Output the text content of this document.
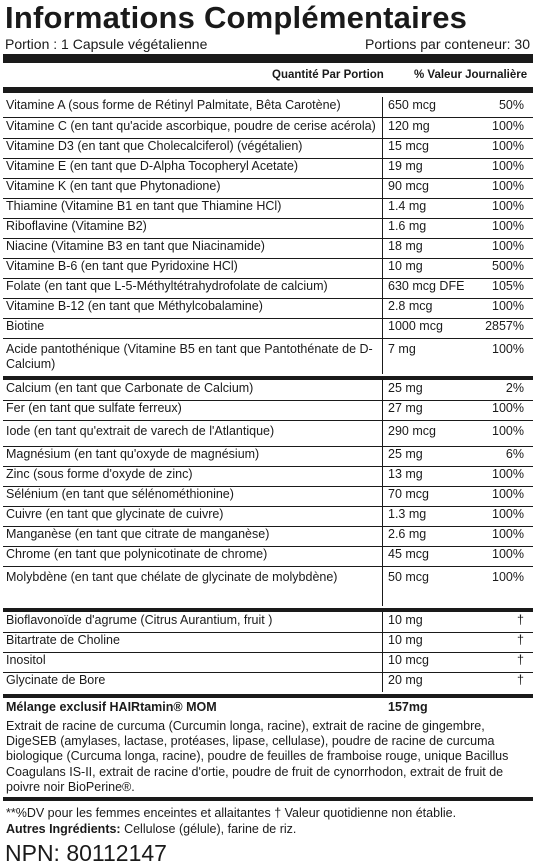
Informations Complémentaires
Portion : 1 Capsule végétalienne	Portions par conteneur: 30
Quantité Par Portion	% Valeur Journalière
Vitamine A (sous forme de Rétinyl Palmitate, Bêta Carotène)	650 mcg	50%
Vitamine C (en tant qu'acide ascorbique, poudre de cerise acérola) 120 mg	100%
Vitamine D3 (en tant que Cholecalciferol) (végétalien)	15 mcg	100%
Vitamine E (en tant que D-Alpha Tocopheryl Acetate)	19 mg	100%
Vitamine K (en tant que Phytonadione)	90 mcg	100%
Thiamine (Vitamine B1 en tant que Thiamine HCl)	1.4 mg	100%
Riboflavine (Vitamine B2)	1.6 mg	100%
Niacine (Vitamine B3 en tant que Niacinamide)	18 mg	100%
Vitamine B-6 (en tant que Pyridoxine HCl)	10 mg	500%
Folate (en tant que L-5-Méthyltétrahydrofolate de calcium)	630 mcg DFE 105%
Vitamine B-12 (en tant que Méthylcobalamine)	2.8 mcg	100%
Biotine	1000 mcg	2857%
Acide pantothénique (Vitamine B5 en tant que Pantothénate de D-Calcium)
7 mg	100%
Calcium (en tant que Carbonate de Calcium)	25 mg	2%
Fer (en tant que sulfate ferreux)	27 mg	100%
Iode (en tant qu'extrait de varech de l'Atlantique)	290 mcg	100%
Magnésium (en tant qu'oxyde de magnésium)	25 mg	6%
Zinc (sous forme d'oxyde de zinc)	13 mg	100%
Sélénium (en tant que sélénométhionine)	70 mcg	100%
Cuivre (en tant que glycinate de cuivre)	1.3 mg	100%
Manganèse (en tant que citrate de manganèse)	2.6 mg	100%
Chrome (en tant que polynicotinate de chrome)	45 mcg	100%
Molybdène (en tant que chélate de glycinate de molybdène)	50 mcg	100%
Bioflavonoïde d'agrume (Citrus Aurantium, fruit )	10 mg	†
Bitartrate de Choline	10 mg	†
Inositol	10 mcg	†
Glycinate de Bore	20 mg	†
Mélange exclusif HAIRtamin® MOM	157mg
Extrait de racine de curcuma (Curcumin longa, racine), extrait de racine de gingembre, DigeSEB (amylases, lactase, protéases, lipase, cellulase), poudre de racine de curcuma biologique (Curcuma longa, racine), poudre de feuilles de framboise rouge, unique Bacillus Coagulans IS-II, extrait de racine d'ortie, poudre de fruit de cynorrhodon, extrait de fruit de poivre noir BioPerine®.
**%DV pour les femmes enceintes et allaitantes † Valeur quotidienne non établie.
Autres Ingrédients: Cellulose (gélule), farine de riz.
NPN: 80112147
